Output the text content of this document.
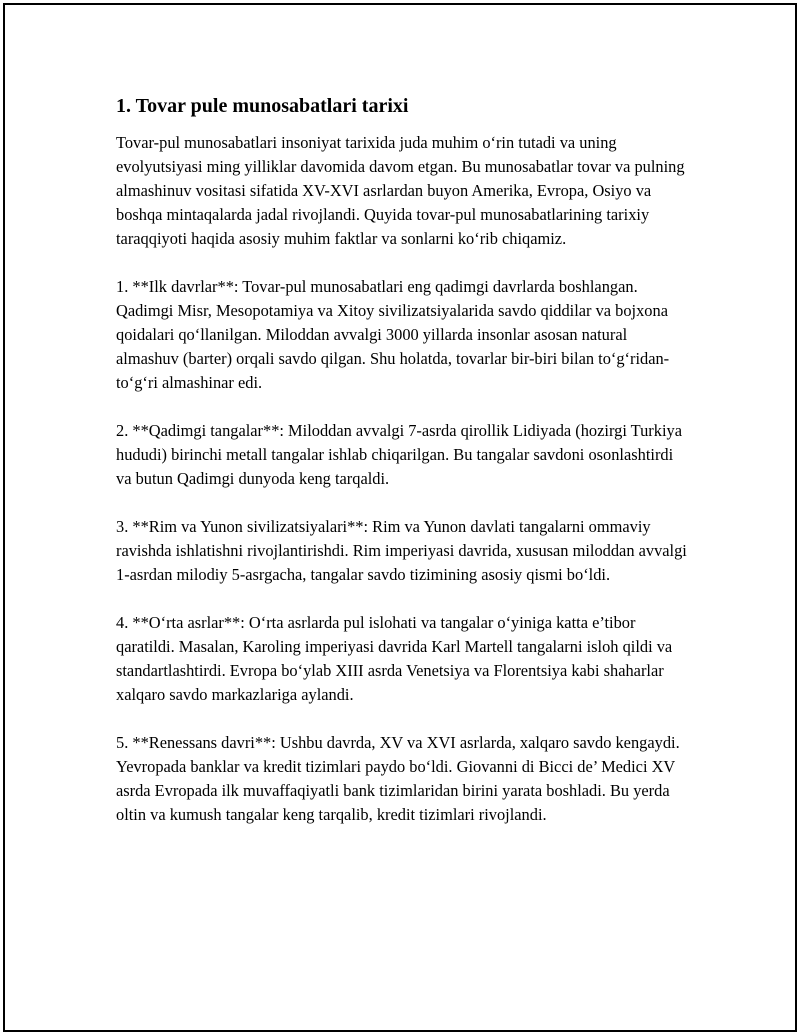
1. Tovar pule munosabatlari tarixi

Tovar-pul munosabatlari insoniyat tarixida juda muhim o‘rin tutadi va uning evolyutsiyasi ming yilliklar davomida davom etgan. Bu munosabatlar tovar va pulning almashinuv vositasi sifatida XV-XVI asrlardan buyon Amerika, Evropa, Osiyo va boshqa mintaqalarda jadal rivojlandi. Quyida tovar-pul munosabatlarining tarixiy taraqqiyoti haqida asosiy muhim faktlar va sonlarni ko‘rib chiqamiz.

1. **Ilk davrlar**: Tovar-pul munosabatlari eng qadimgi davrlarda boshlangan. Qadimgi Misr, Mesopotamiya va Xitoy sivilizatsiyalarida savdo qiddilar va bojxona qoidalari qo‘llanilgan. Miloddan avvalgi 3000 yillarda insonlar asosan natural almashuv (barter) orqali savdo qilgan. Shu holatda, tovarlar bir-biri bilan to‘g‘ridan-to‘g‘ri almashinar edi.

2. **Qadimgi tangalar**: Miloddan avvalgi 7-asrda qirollik Lidiyada (hozirgi Turkiya hududi) birinchi metall tangalar ishlab chiqarilgan. Bu tangalar savdoni osonlashtirdi va butun Qadimgi dunyoda keng tarqaldi.

3. **Rim va Yunon sivilizatsiyalari**: Rim va Yunon davlati tangalarni ommaviy ravishda ishlatishni rivojlantirishdi. Rim imperiyasi davrida, xususan miloddan avvalgi 1-asrdan milodiy 5-asrgacha, tangalar savdo tizimining asosiy qismi bo‘ldi.

4. **O‘rta asrlar**: O‘rta asrlarda pul islohati va tangalar o‘yiniga katta e’tibor qaratildi. Masalan, Karoling imperiyasi davrida Karl Martell tangalarni isloh qildi va standartlashtirdi. Evropa bo‘ylab XIII asrda Venetsiya va Florentsiya kabi shaharlar xalqaro savdo markazlariga aylandi.

5. **Renessans davri**: Ushbu davrda, XV va XVI asrlarda, xalqaro savdo kengaydi. Yevropada banklar va kredit tizimlari paydo bo‘ldi. Giovanni di Bicci de’ Medici XV asrda Evropada ilk muvaffaqiyatli bank tizimlaridan birini yarata boshladi. Bu yerda oltin va kumush tangalar keng tarqalib, kredit tizimlari rivojlandi.
